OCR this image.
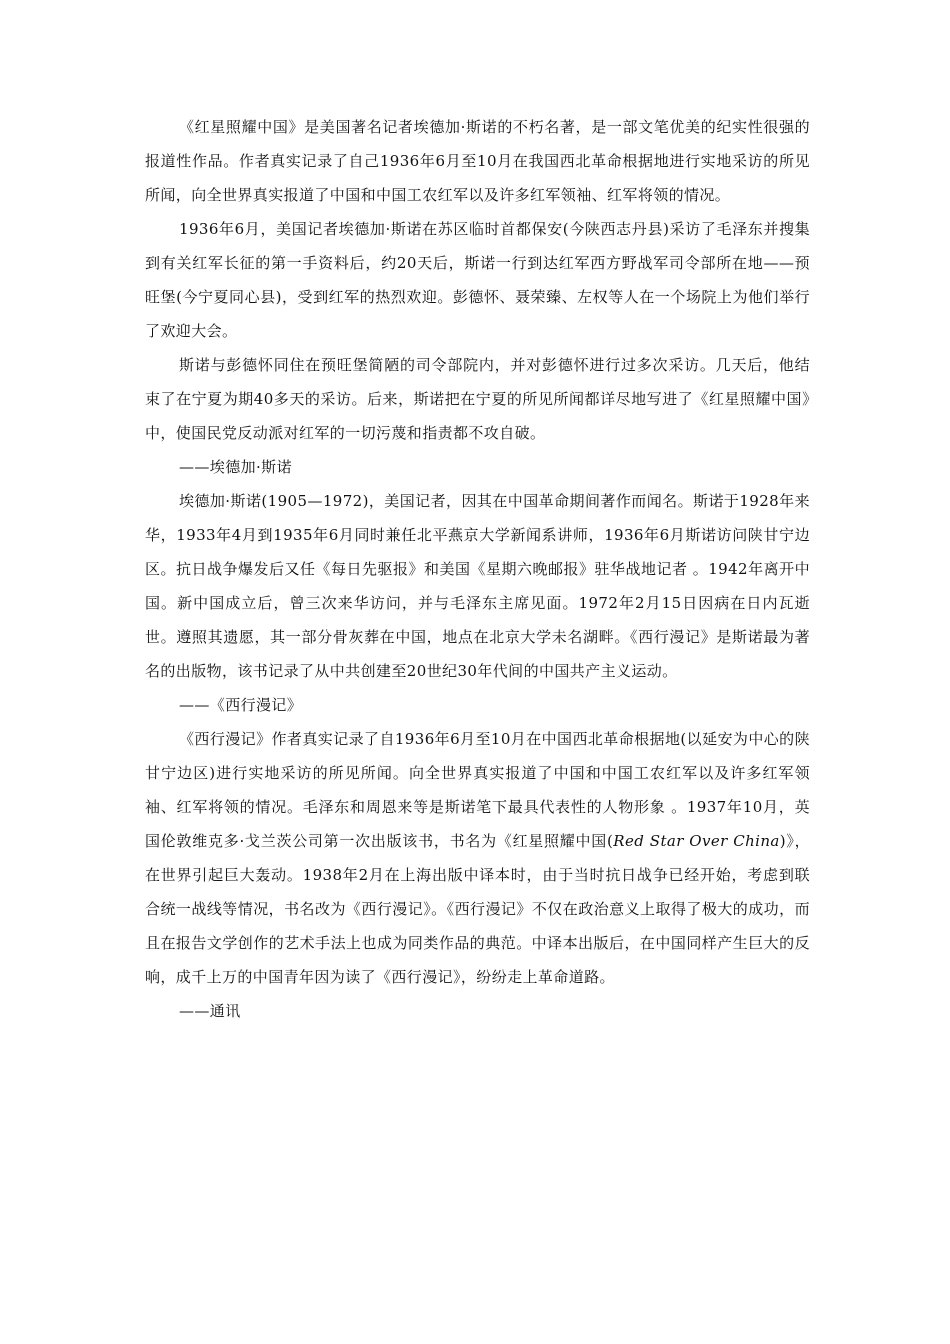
《红星照耀中国》是美国著名记者埃德加·斯诺的不朽名著，是一部文笔优美的纪实性很强的报道性作品。作者真实记录了自己1936年6月至10月在我国西北革命根据地进行实地采访的所见所闻，向全世界真实报道了中国和中国工农红军以及许多红军领袖、红军将领的情况。

1936年6月，美国记者埃德加·斯诺在苏区临时首都保安(今陕西志丹县)采访了毛泽东并搜集到有关红军长征的第一手资料后，约20天后，斯诺一行到达红军西方野战军司令部所在地——预旺堡(今宁夏同心县)，受到红军的热烈欢迎。彭德怀、聂荣臻、左权等人在一个场院上为他们举行了欢迎大会。

斯诺与彭德怀同住在预旺堡简陋的司令部院内，并对彭德怀进行过多次采访。几天后，他结束了在宁夏为期40多天的采访。后来，斯诺把在宁夏的所见所闻都详尽地写进了《红星照耀中国》中，使国民党反动派对红军的一切污蔑和指责都不攻自破。

——埃德加·斯诺

埃德加·斯诺(1905—1972)，美国记者，因其在中国革命期间著作而闻名。斯诺于1928年来华，1933年4月到1935年6月同时兼任北平燕京大学新闻系讲师，1936年6月斯诺访问陕甘宁边区。抗日战争爆发后又任《每日先驱报》和美国《星期六晚邮报》驻华战地记者 。1942年离开中国。新中国成立后，曾三次来华访问，并与毛泽东主席见面。1972年2月15日因病在日内瓦逝世。遵照其遗愿，其一部分骨灰葬在中国，地点在北京大学未名湖畔。《西行漫记》是斯诺最为著名的出版物，该书记录了从中共创建至20世纪30年代间的中国共产主义运动。

——《西行漫记》

《西行漫记》作者真实记录了自1936年6月至10月在中国西北革命根据地(以延安为中心的陕甘宁边区)进行实地采访的所见所闻。向全世界真实报道了中国和中国工农红军以及许多红军领袖、红军将领的情况。毛泽东和周恩来等是斯诺笔下最具代表性的人物形象 。1937年10月，英国伦敦维克多·戈兰茨公司第一次出版该书，书名为《红星照耀中国(Red Star Over China)》，在世界引起巨大轰动。1938年2月在上海出版中译本时，由于当时抗日战争已经开始，考虑到联合统一战线等情况，书名改为《西行漫记》。《西行漫记》不仅在政治意义上取得了极大的成功，而且在报告文学创作的艺术手法上也成为同类作品的典范。中译本出版后，在中国同样产生巨大的反响，成千上万的中国青年因为读了《西行漫记》，纷纷走上革命道路。

——通讯
